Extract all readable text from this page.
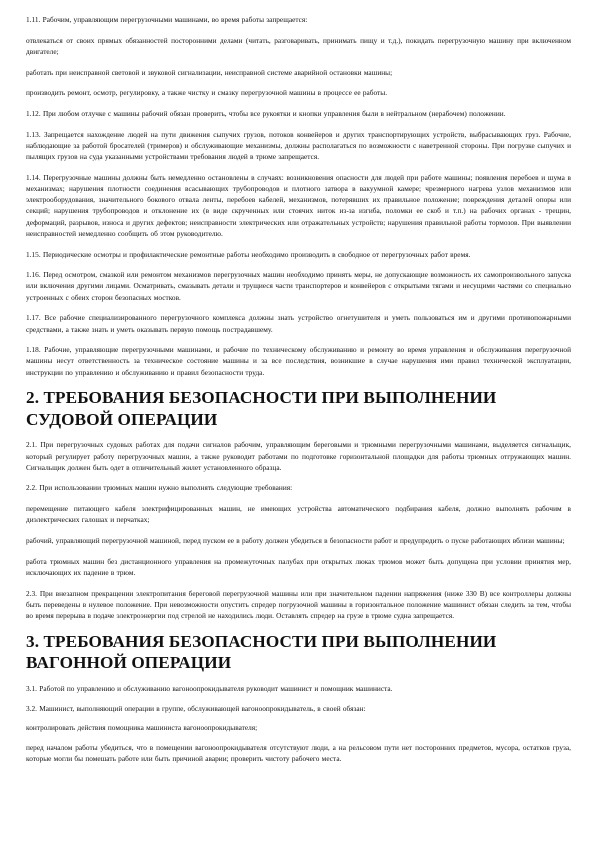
1.11. Рабочим, управляющим перегрузочными машинами, во время работы запрещается:

отвлекаться от своих прямых обязанностей посторонними делами (читать, разговаривать, принимать пищу и т.д.), покидать перегрузочную машину при включенном двигателе;

работать при неисправной световой и звуковой сигнализации, неисправной системе аварийной остановки машины;

производить ремонт, осмотр, регулировку, а также чистку и смазку перегрузочной машины в процессе ее работы.

1.12. При любом отлучке с машины рабочий обязан проверить, чтобы все рукоятки и кнопки управления были в нейтральном (нерабочем) положении.

1.13. Запрещается нахождение людей на пути движения сыпучих грузов, потоков конвейеров и других транспортирующих устройств, выбрасывающих груз. Рабочие, наблюдающие за работой бросателей (тримеров) и обслуживающие механизмы, должны располагаться по возможности с наветренной стороны. При погрузке сыпучих и пылящих грузов на суда указанными устройствами требования людей в трюме запрещается.

1.14. Перегрузочные машины должны быть немедленно остановлены в случаях: возникновения опасности для людей при работе машины; появления перебоев и шума в механизмах; нарушения плотности соединения всасывающих трубопроводов и плотного затвора в вакуумной камере; чрезмерного нагрева узлов механизмов или электрооборудования, значительного бокового отвала ленты, перебоев кабелей, механизмов, потерявших их правильное положение; повреждения деталей опоры или секций; нарушения трубопроводов и отклонение их (в виде скрученных или стоячих ниток из-за изгиба, поломки ее скоб и т.п.) на рабочих органах - трещин, деформаций, разрывов, износа и других дефектов; неисправности электрических или отражательных устройств; нарушения правильной работы тормозов. При выявлении неисправностей немедленно сообщить об этом руководителю.

1.15. Периодические осмотры и профилактические ремонтные работы необходимо производить в свободное от перегрузочных работ время.

1.16. Перед осмотром, смазкой или ремонтом механизмов перегрузочных машин необходимо принять меры, не допускающие возможность их самопроизвольного запуска или включения другими лицами. Осматривать, смазывать детали и трущиеся части транспортеров и конвейеров с открытыми тягами и несущими частями со специально устроенных с обеих сторон безопасных мостков.

1.17. Все рабочие специализированного перегрузочного комплекса должны знать устройство огнетушителя и уметь пользоваться им и другими противопожарными средствами, а также знать и уметь оказывать первую помощь пострадавшему.

1.18. Рабочие, управляющие перегрузочными машинами, и рабочие по техническому обслуживанию и ремонту во время управления и обслуживания перегрузочной машины несут ответственность за техническое состояние машины и за все последствия, возникшие в случае нарушения ими правил технической эксплуатации, инструкции по управлению и обслуживанию и правил безопасности труда.

2. ТРЕБОВАНИЯ БЕЗОПАСНОСТИ ПРИ ВЫПОЛНЕНИИ СУДОВОЙ ОПЕРАЦИИ

2.1. При перегрузочных судовых работах для подачи сигналов рабочим, управляющим береговыми и трюмными перегрузочными машинами, выделяется сигнальщик, который регулирует работу перегрузочных машин, а также руководит работами по подготовке горизонтальной площадки для работы трюмных отгружающих машин. Сигнальщик должен быть одет в отличительный жилет установленного образца.

2.2. При использовании трюмных машин нужно выполнять следующие требования:

перемещение питающего кабеля электрифицированных машин, не имеющих устройства автоматического подбирания кабеля, должно выполнять рабочим в диэлектрических галошах и перчатках;

рабочий, управляющий перегрузочной машиной, перед пуском ее в работу должен убедиться в безопасности работ и предупредить о пуске работающих вблизи машины;

работа трюмных машин без дистанционного управления на промежуточных палубах при открытых люках трюмов может быть допущена при условии принятия мер, исключающих их падение в трюм.

2.3. При внезапном прекращении электропитания береговой перегрузочной машины или при значительном падении напряжения (ниже 330 В) все контроллеры должны быть переведены в нулевое положение. При невозможности опустить спредер погрузочной машины в горизонтальное положение машинист обязан следить за тем, чтобы во время перерыва в подаче электроэнергии под стрелой не находились люди. Оставлять спредер на грузе в трюме судна запрещается.

3. ТРЕБОВАНИЯ БЕЗОПАСНОСТИ ПРИ ВЫПОЛНЕНИИ ВАГОННОЙ ОПЕРАЦИИ

3.1. Работой по управлению и обслуживанию вагоноопрокидывателя руководит машинист и помощник машиниста.

3.2. Машинист, выполняющий операции в группе, обслуживающей вагоноопрокидыватель, в своей обязан:

контролировать действия помощника машиниста вагоноопрокидывателя;

перед началом работы убедиться, что в помещении вагоноопрокидывателя отсутствуют люди, а на рельсовом пути нет посторонних предметов, мусора, остатков груза, которые могли бы помешать работе или быть причиной аварии; проверить чистоту рабочего места.
